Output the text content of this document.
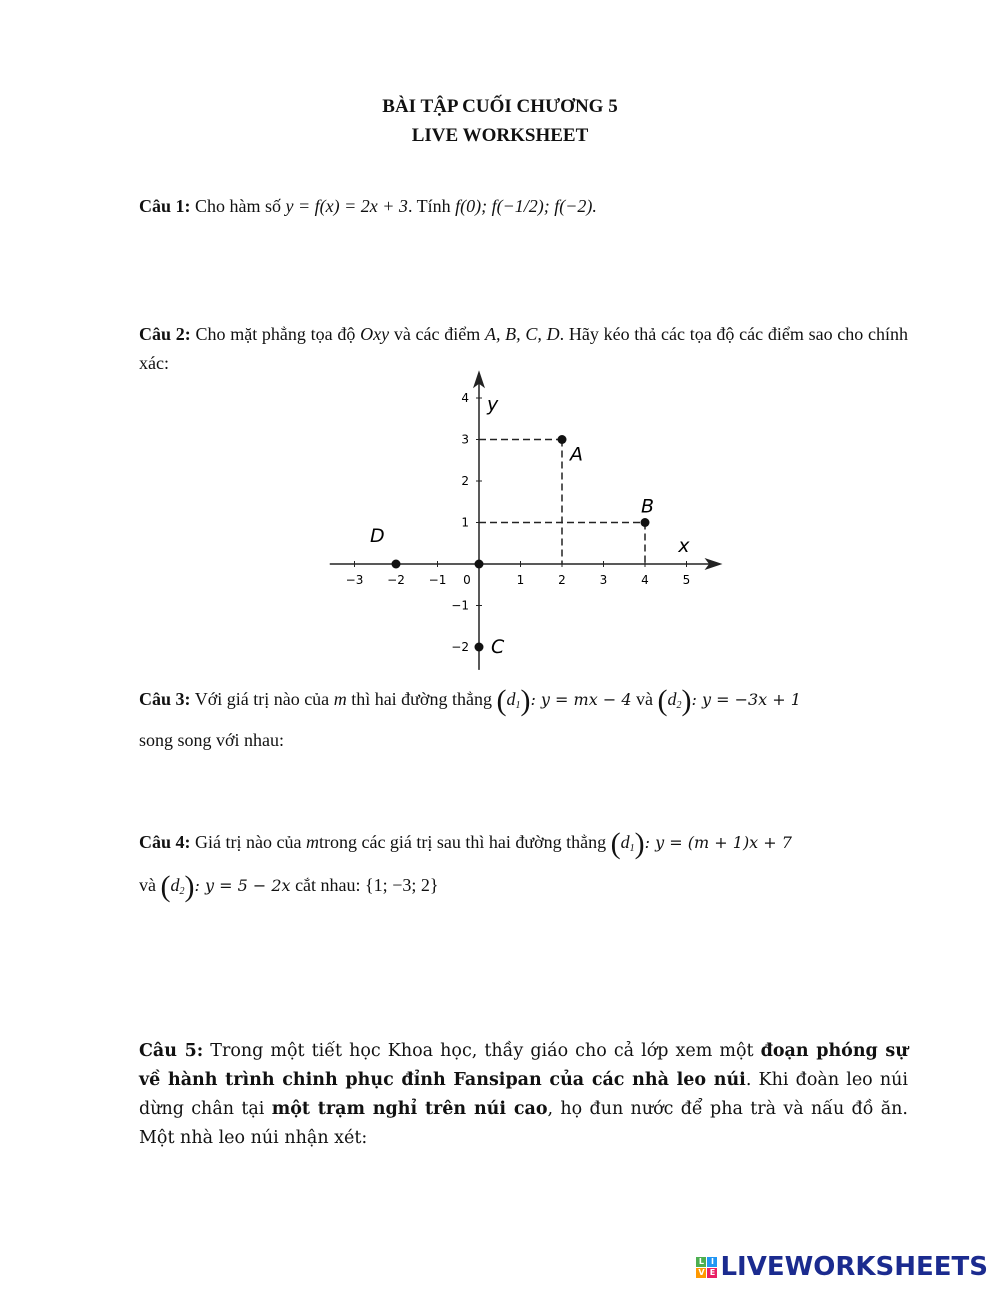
BÀI TẬP CUỐI CHƯƠNG 5
LIVE WORKSHEET
Câu 1: Cho hàm số y = f(x) = 2x + 3. Tính f(0); f(−1/2); f(−2).
Câu 2: Cho mặt phẳng tọa độ Oxy và các điểm A, B, C, D. Hãy kéo thả các tọa độ các điểm sao cho chính xác:
−3 −2 −1 0	1	2	3	4	5
−2
−1
1
2
3
4
A
B
C
D	x
y
Câu 3: Với giá trị nào của m thì hai đường thẳng $(d_1)$: y = mx − 4 và $(d_2)$: y = −3x + 1
song song với nhau:
Câu 4: Giá trị nào của mtrong các giá trị sau thì hai đường thẳng $(d_1)$: y = (m + 1)x + 7
và $(d_2)$: y = 5 − 2x cắt nhau: {1; −3; 2}
Câu 5: Trong một tiết học Khoa học, thầy giáo cho cả lớp xem một đoạn phóng sự về hành trình chinh phục đỉnh Fansipan của các nhà leo núi. Khi đoàn leo núi dừng chân tại một trạm nghỉ trên núi cao, họ đun nước để pha trà và nấu đồ ăn. Một nhà leo núi nhận xét:
L I
V E LIVEWORKSHEETS
